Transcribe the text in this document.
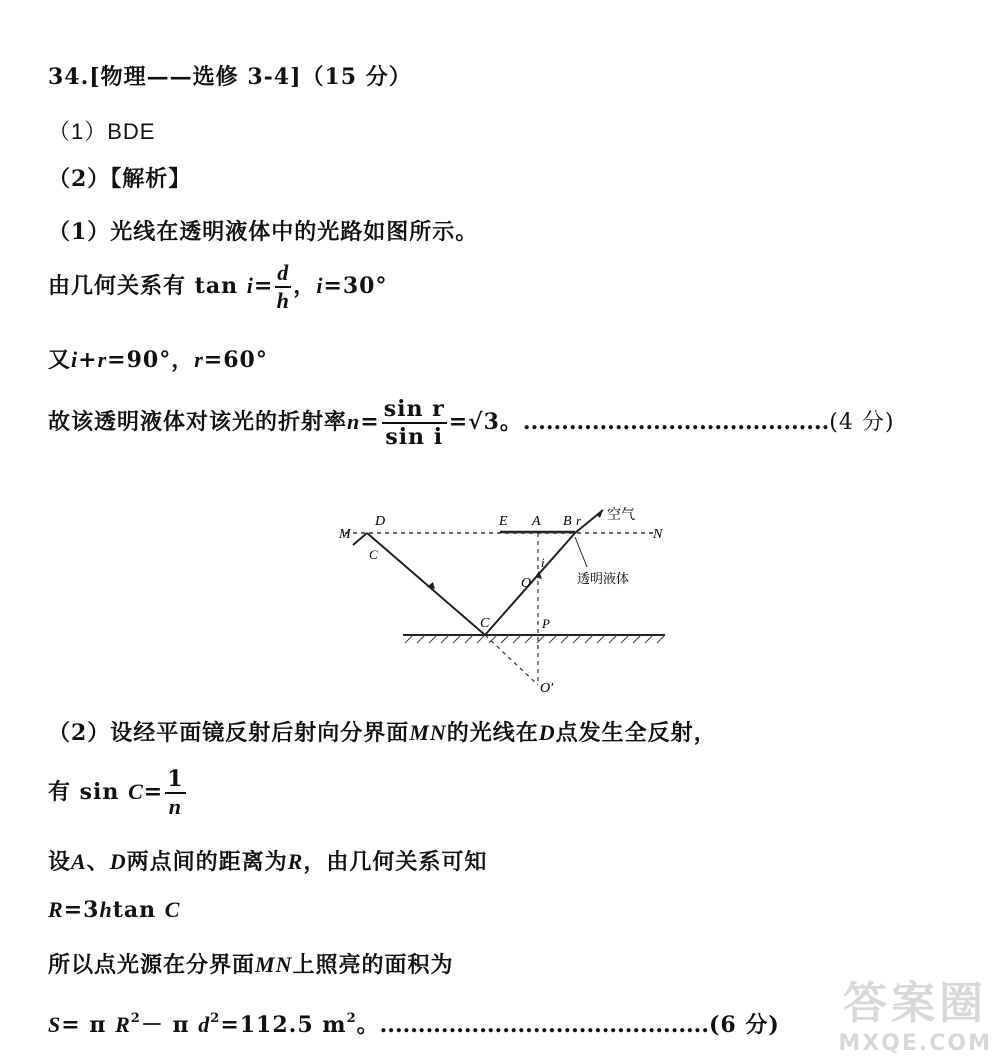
34.[物理——选修 3-4]（15 分）
（1）BDE
（2）【解析】
（1）光线在透明液体中的光路如图所示。
由几何关系有 $\tan i= \frac{d}{h}$ ，i=30°
又i+r=90°，r=60°
故该透明液体对该光的折射率$n= \frac{\text{sin r}}{\text{sin i}} =√3$。........................................(4 分)
M
D
C
E A B r 空气
N
i
O	透明液体
C	P
O′
（2）设经平面镜反射后射向分界面MN的光线在D点发生全反射，
有 $\sin C= \frac{1}{n}$
设A、D两点间的距离为R，由几何关系可知
R=3htan C
所以点光源在分界面MN上照亮的面积为
S= π $R^2- \pi$ $d^2=112.5$ $m^2$。...........................................(6 分) 答案圈
MXQE.COM
